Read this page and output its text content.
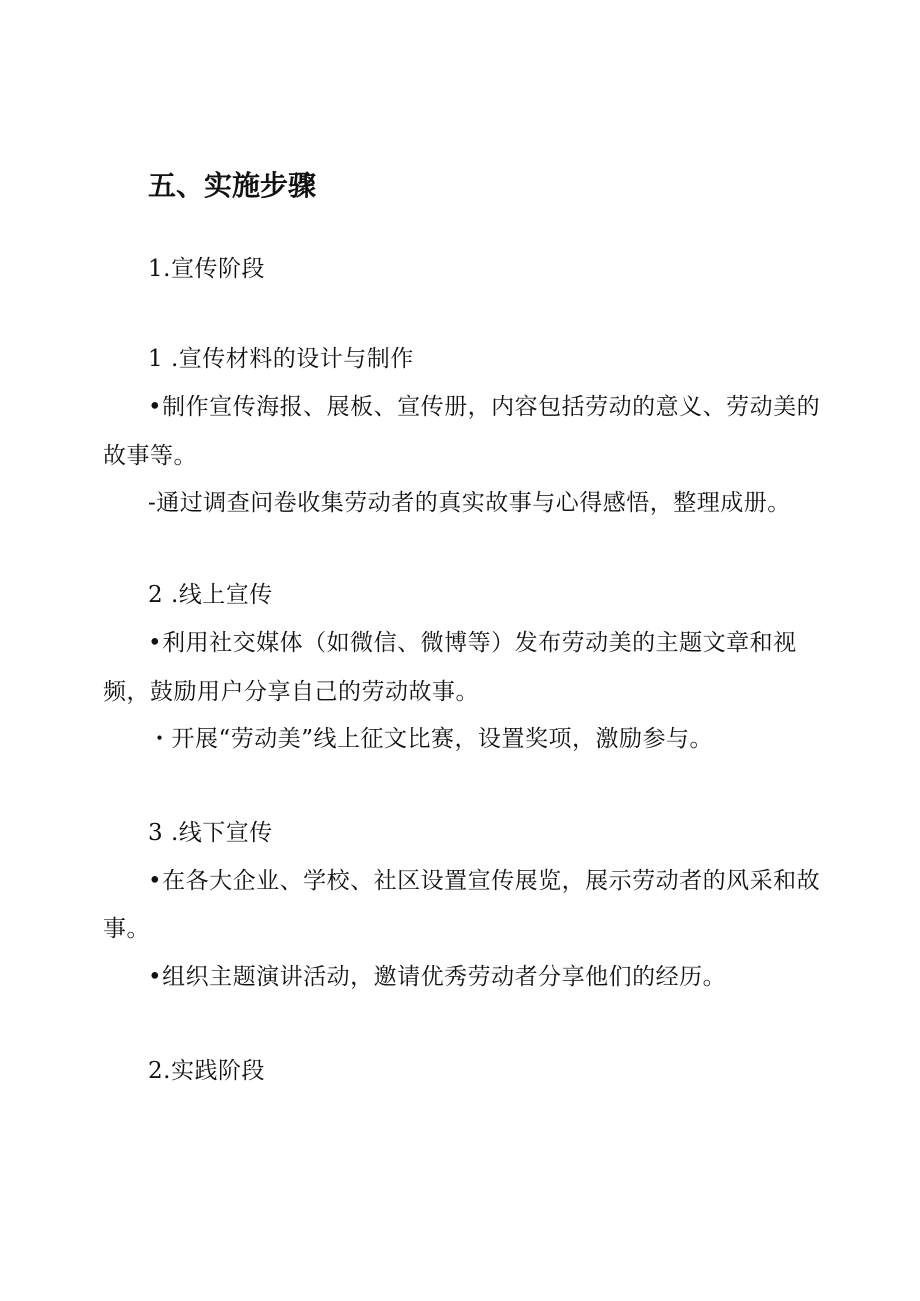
五、实施步骤
1.宣传阶段
1 .宣传材料的设计与制作
•制作宣传海报、展板、宣传册，内容包括劳动的意义、劳动美的
故事等。
-通过调查问卷收集劳动者的真实故事与心得感悟，整理成册。
2 .线上宣传
•利用社交媒体（如微信、微博等）发布劳动美的主题文章和视
频，鼓励用户分享自己的劳动故事。
・开展“劳动美”线上征文比赛，设置奖项，激励参与。
3 .线下宣传
•在各大企业、学校、社区设置宣传展览，展示劳动者的风采和故
事。
•组织主题演讲活动，邀请优秀劳动者分享他们的经历。
2.实践阶段
